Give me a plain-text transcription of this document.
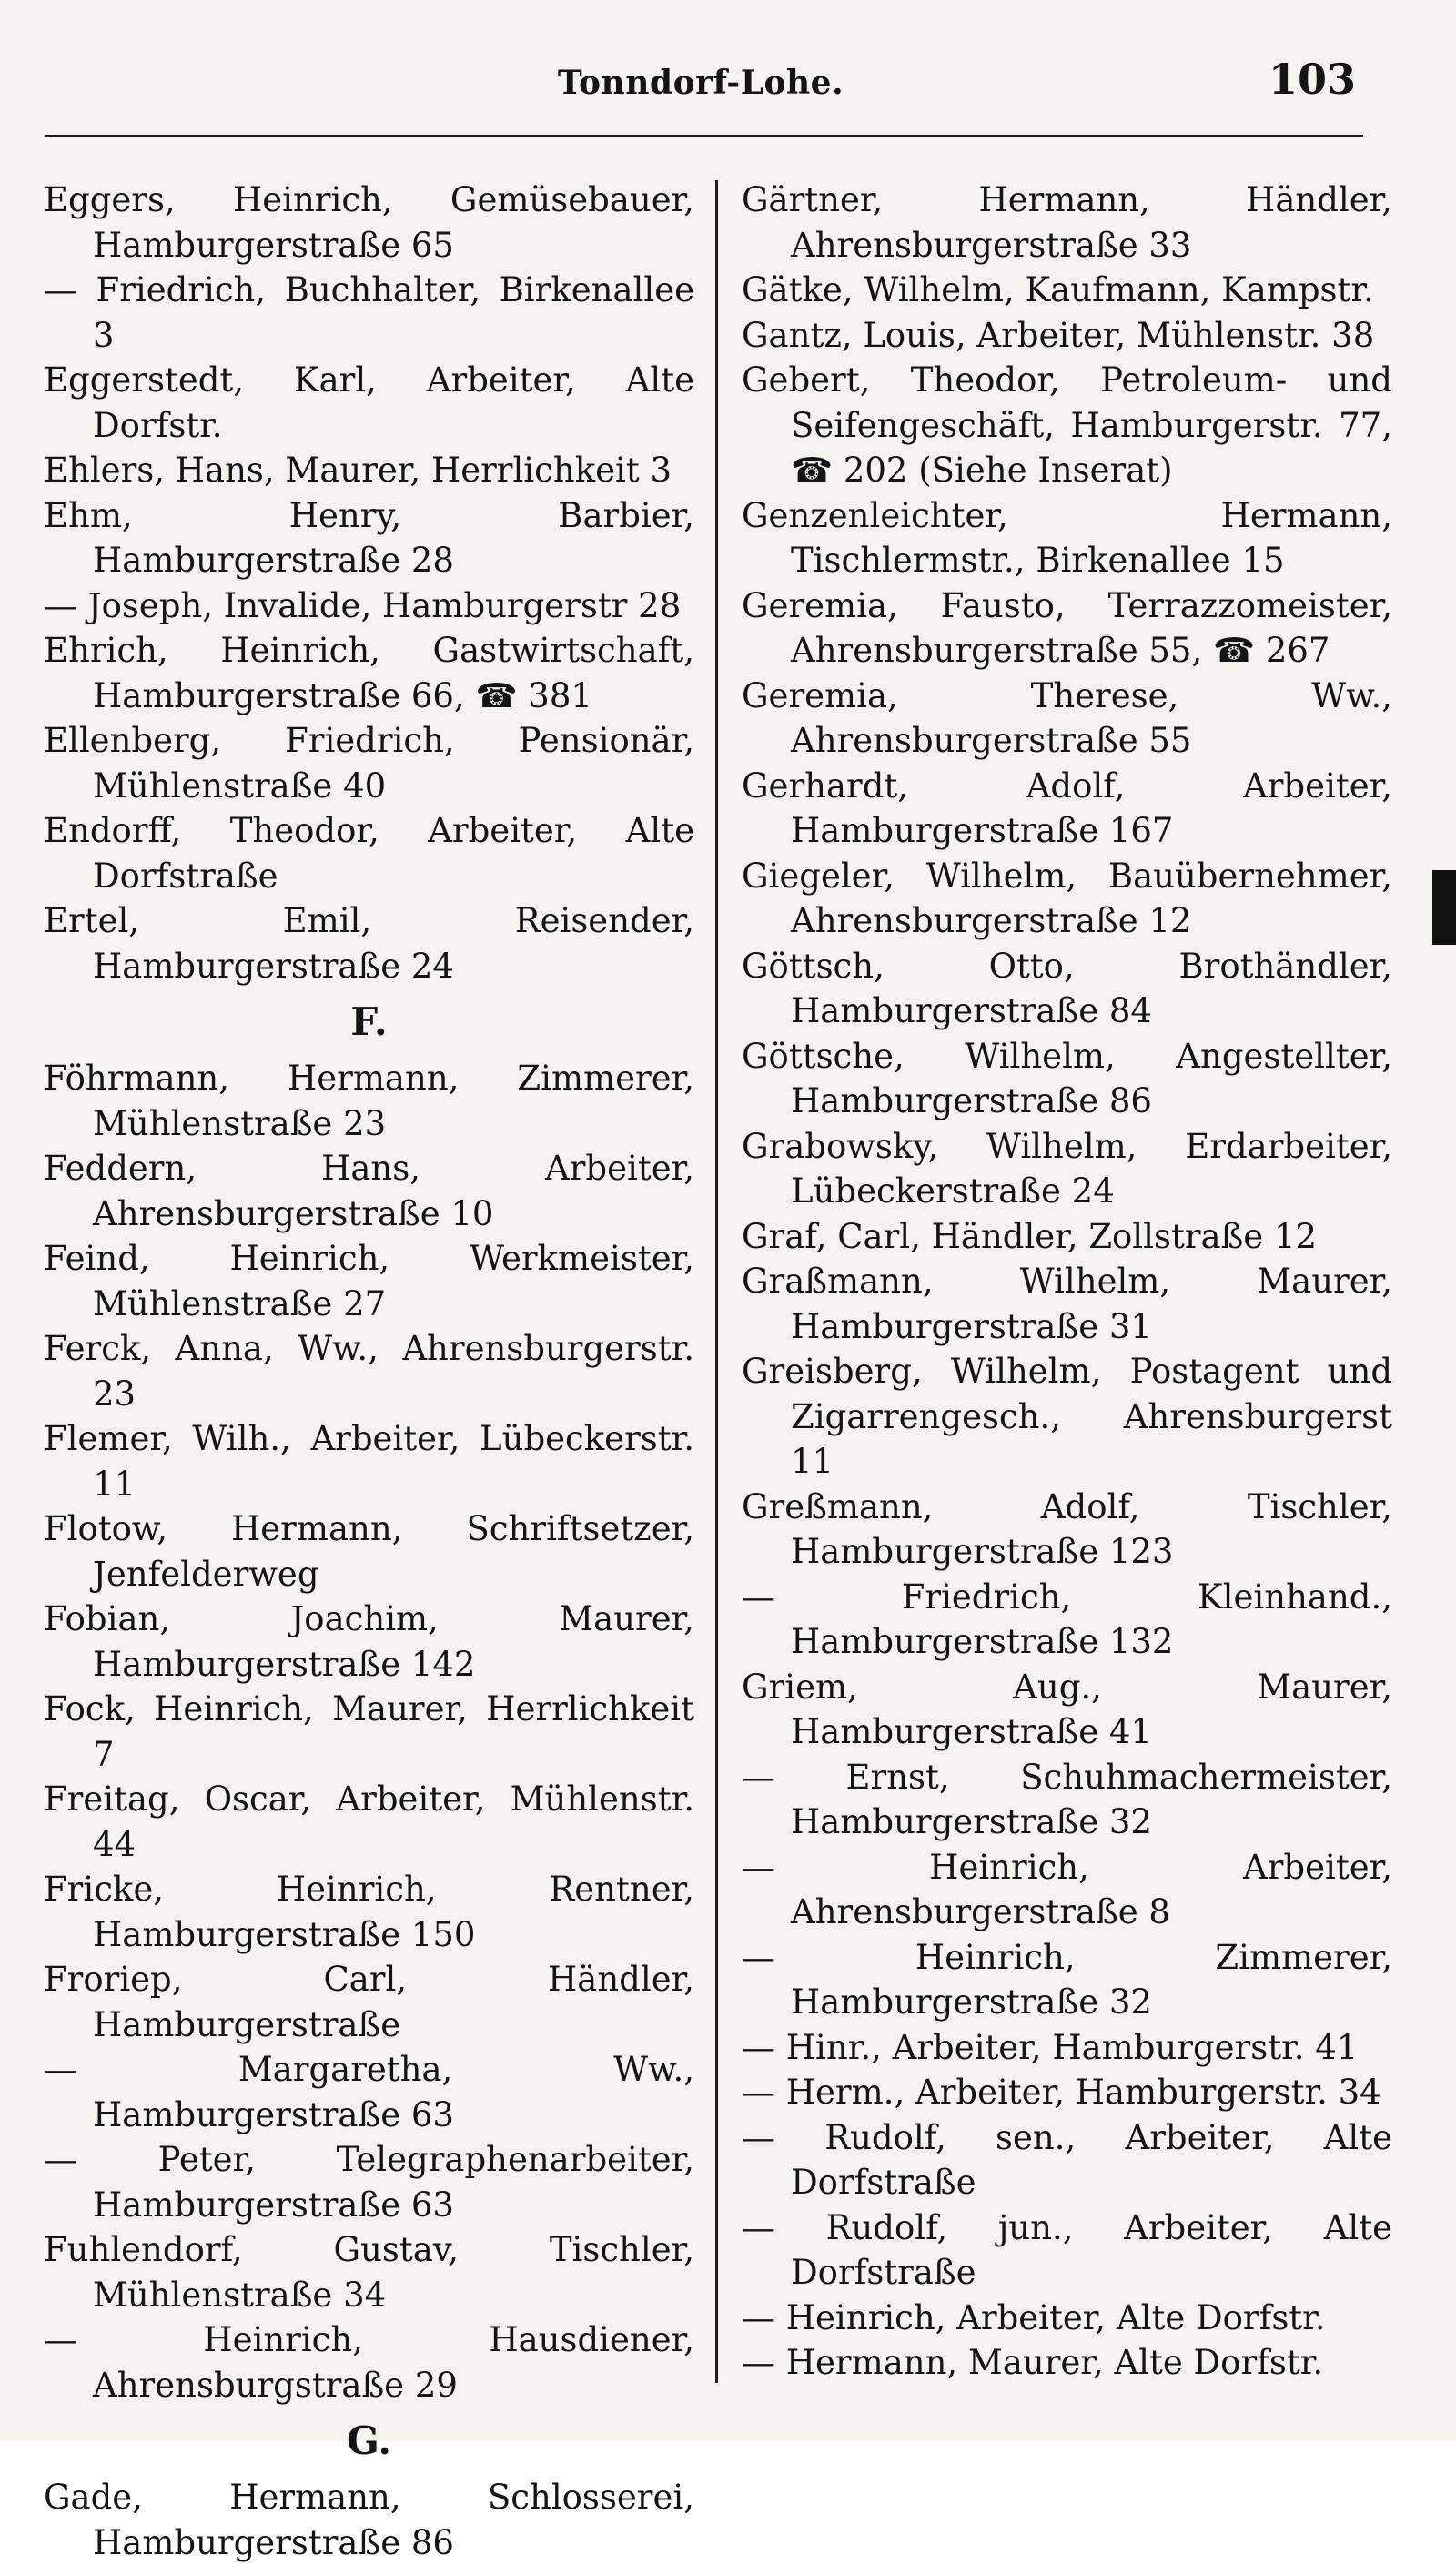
Tonndorf-Lohe.	103

Eggers, Heinrich, Gemüsebauer, Hamburgerstraße 65

— Friedrich, Buchhalter, Birkenallee 3

Eggerstedt, Karl, Arbeiter, Alte Dorfstr.

Ehlers, Hans, Maurer, Herrlichkeit 3

Ehm, Henry, Barbier, Hamburgerstraße 28

— Joseph, Invalide, Hamburgerstr 28

Ehrich, Heinrich, Gastwirtschaft, Hamburgerstraße 66, ☎ 381

Ellenberg, Friedrich, Pensionär, Mühlenstraße 40

Endorff, Theodor, Arbeiter, Alte Dorfstraße

Ertel, Emil, Reisender, Hamburgerstraße 24

F.

Föhrmann, Hermann, Zimmerer, Mühlenstraße 23

Feddern, Hans, Arbeiter, Ahrensburgerstraße 10

Feind, Heinrich, Werkmeister, Mühlenstraße 27

Ferck, Anna, Ww., Ahrensburgerstr. 23

Flemer, Wilh., Arbeiter, Lübeckerstr. 11

Flotow, Hermann, Schriftsetzer, Jenfelderweg

Fobian, Joachim, Maurer, Hamburgerstraße 142

Fock, Heinrich, Maurer, Herrlichkeit 7

Freitag, Oscar, Arbeiter, Mühlenstr. 44

Fricke, Heinrich, Rentner, Hamburgerstraße 150

Froriep, Carl, Händler, Hamburgerstraße

— Margaretha, Ww., Hamburgerstraße 63

— Peter, Telegraphenarbeiter, Hamburgerstraße 63

Fuhlendorf, Gustav, Tischler, Mühlenstraße 34

— Heinrich, Hausdiener, Ahrensburgstraße 29

G.

Gade, Hermann, Schlosserei, Hamburgerstraße 86

Gärtner, Hermann, Händler, Ahrensburgerstraße 33

Gätke, Wilhelm, Kaufmann, Kampstr.

Gantz, Louis, Arbeiter, Mühlenstr. 38

Gebert, Theodor, Petroleum- und Seifengeschäft, Hamburgerstr. 77, ☎ 202 (Siehe Inserat)

Genzenleichter, Hermann, Tischlermstr., Birkenallee 15

Geremia, Fausto, Terrazzomeister, Ahrensburgerstraße 55, ☎ 267

Geremia, Therese, Ww., Ahrensburgerstraße 55

Gerhardt, Adolf, Arbeiter, Hamburgerstraße 167

Giegeler, Wilhelm, Bauübernehmer, Ahrensburgerstraße 12

Göttsch, Otto, Brothändler, Hamburgerstraße 84

Göttsche, Wilhelm, Angestellter, Hamburgerstraße 86

Grabowsky, Wilhelm, Erdarbeiter, Lübeckerstraße 24

Graf, Carl, Händler, Zollstraße 12

Graßmann, Wilhelm, Maurer, Hamburgerstraße 31

Greisberg, Wilhelm, Postagent und Zigarrengesch., Ahrensburgerst 11

Greßmann, Adolf, Tischler, Hamburgerstraße 123

— Friedrich, Kleinhand., Hamburgerstraße 132

Griem, Aug., Maurer, Hamburgerstraße 41

— Ernst, Schuhmachermeister, Hamburgerstraße 32

— Heinrich, Arbeiter, Ahrensburgerstraße 8

— Heinrich, Zimmerer, Hamburgerstraße 32

— Hinr., Arbeiter, Hamburgerstr. 41

— Herm., Arbeiter, Hamburgerstr. 34

— Rudolf, sen., Arbeiter, Alte Dorfstraße

— Rudolf, jun., Arbeiter, Alte Dorfstraße

— Heinrich, Arbeiter, Alte Dorfstr.

— Hermann, Maurer, Alte Dorfstr.
